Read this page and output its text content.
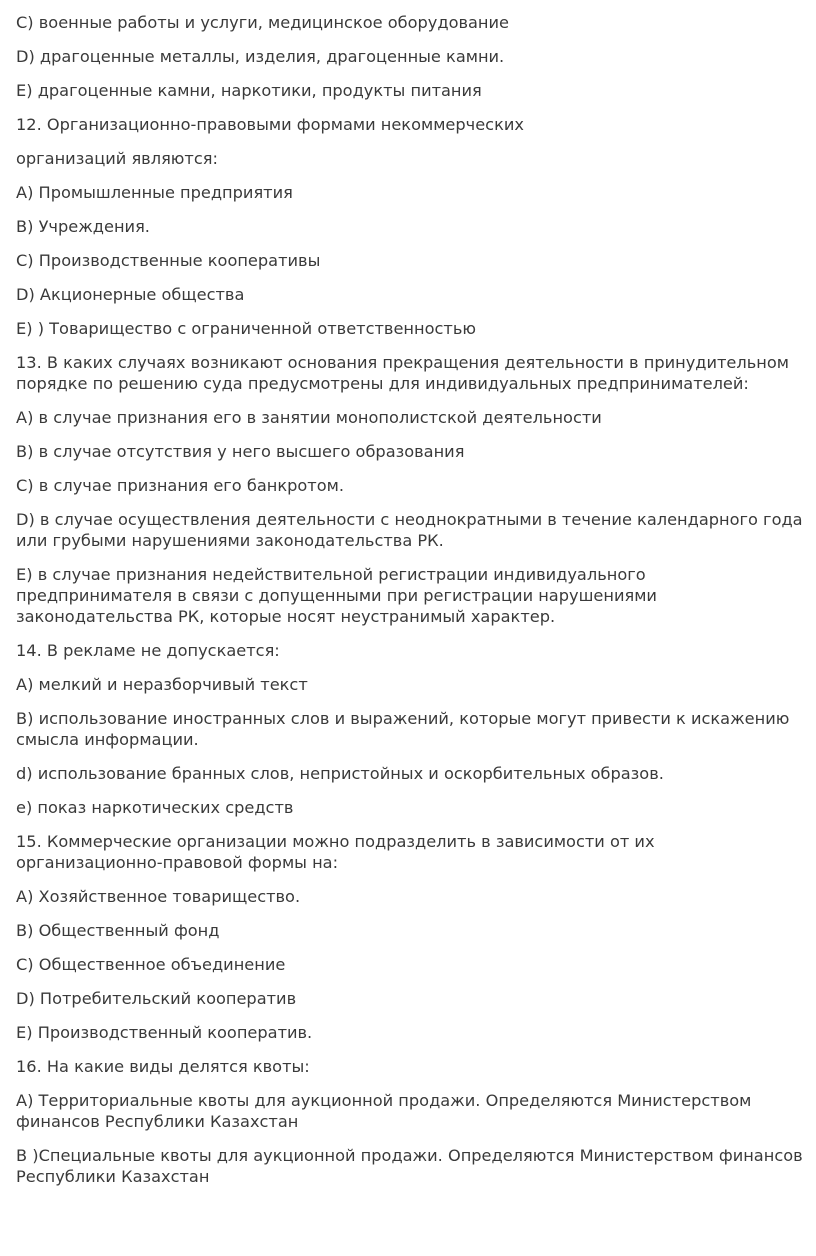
C) военные работы и услуги, медицинское оборудование

D) драгоценные металлы, изделия, драгоценные камни.

E) драгоценные камни, наркотики, продукты питания

12. Организационно-правовыми формами некоммерческих

организаций являются:

A) Промышленные предприятия

B) Учреждения.

C) Производственные кооперативы

D) Акционерные общества

E) ) Товарищество с ограниченной ответственностью

13. В каких случаях возникают основания прекращения деятельности в принудительном порядке по решению суда предусмотрены для индивидуальных предпринимателей:

A) в случае признания его в занятии монополистской деятельности

B) в случае отсутствия у него высшего образования

C) в случае признания его банкротом.

D) в случае осуществления деятельности с неоднократными в течение календарного года или грубыми нарушениями законодательства РК.

E) в случае признания недействительной регистрации индивидуального предпринимателя в связи с допущенными при регистрации нарушениями законодательства РК, которые носят неустранимый характер.

14. В рекламе не допускается:

A) мелкий и неразборчивый текст

B) использование иностранных слов и выражений, которые могут привести к искажению смысла информации.

d) использование бранных слов, непристойных и оскорбительных образов.

e) показ наркотических средств

15. Коммерческие организации можно подразделить в зависимости от их организационно-правовой формы на:

A) Хозяйственное товарищество.

B) Общественный фонд

C) Общественное объединение

D) Потребительский кооператив

E) Производственный кооператив.

16. На какие виды делятся квоты:

A) Территориальные квоты для аукционной продажи. Определяются Министерством финансов Республики Казахстан

B )Специальные квоты для аукционной продажи. Определяются Министерством финансов Республики Казахстан
